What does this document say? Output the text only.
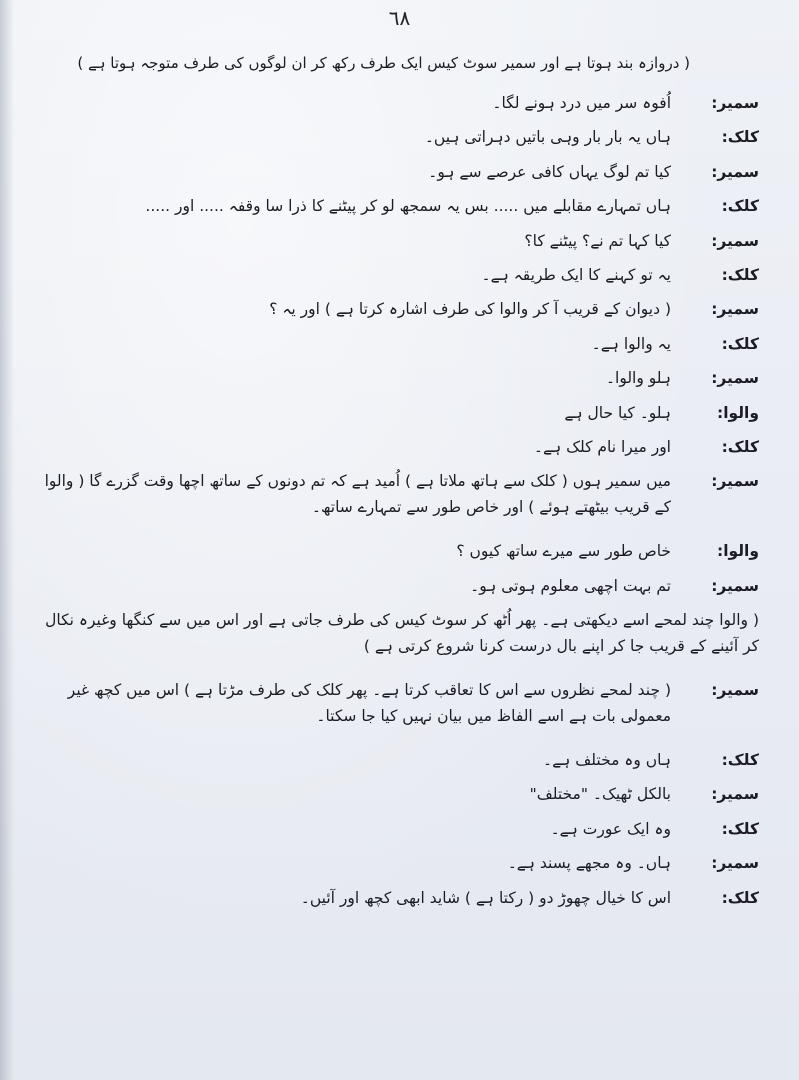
٦٨
( دروازہ بند ہوتا ہے اور سمیر سوٹ کیس ایک طرف رکھ کر ان لوگوں کی طرف متوجہ ہوتا ہے )
سمیر:
اُفوہ سر میں درد ہونے لگا۔
کلک:
ہاں یہ بار بار وہی باتیں دہراتی ہیں۔
سمیر:
کیا تم لوگ یہاں کافی عرصے سے ہو۔
کلک:
ہاں تمہارے مقابلے میں ..... بس یہ سمجھ لو کر پیٹنے کا ذرا سا وقفہ ..... اور .....
سمیر:
کیا کہا تم نے؟ پیٹنے کا؟
کلک:
یہ تو کہنے کا ایک طریقہ ہے۔
سمیر:
( دیوان کے قریب آ کر والوا کی طرف اشارہ کرتا ہے ) اور یہ ؟
کلک:
یہ والوا ہے۔
سمیر:
ہلو والوا۔
والوا:
ہلو۔ کیا حال ہے
کلک:
اور میرا نام کلک ہے۔
سمیر:
میں سمیر ہوں ( کلک سے ہاتھ ملاتا ہے ) اُمید ہے کہ تم دونوں کے ساتھ اچھا وقت گزرے گا ( والوا کے قریب بیٹھتے ہوئے ) اور خاص طور سے تمہارے ساتھ۔
والوا:
خاص طور سے میرے ساتھ کیوں ؟
سمیر:
تم بہت اچھی معلوم ہوتی ہو۔
( والوا چند لمحے اسے دیکھتی ہے۔ پھر اُٹھ کر سوٹ کیس کی طرف جاتی ہے اور اس میں سے کنگھا وغیرہ نکال کر آئینے کے قریب جا کر اپنے بال درست کرنا شروع کرتی ہے )
سمیر:
( چند لمحے نظروں سے اس کا تعاقب کرتا ہے۔ پھر کلک کی طرف مڑتا ہے ) اس میں کچھ غیر معمولی بات ہے اسے الفاظ میں بیان نہیں کیا جا سکتا۔
کلک:
ہاں وہ مختلف ہے۔
سمیر:
بالکل ٹھیک۔ "مختلف"
کلک:
وہ ایک عورت ہے۔
سمیر:
ہاں۔ وہ مجھے پسند ہے۔
کلک:
اس کا خیال چھوڑ دو ( رکتا ہے ) شاید ابھی کچھ اور آئیں۔
